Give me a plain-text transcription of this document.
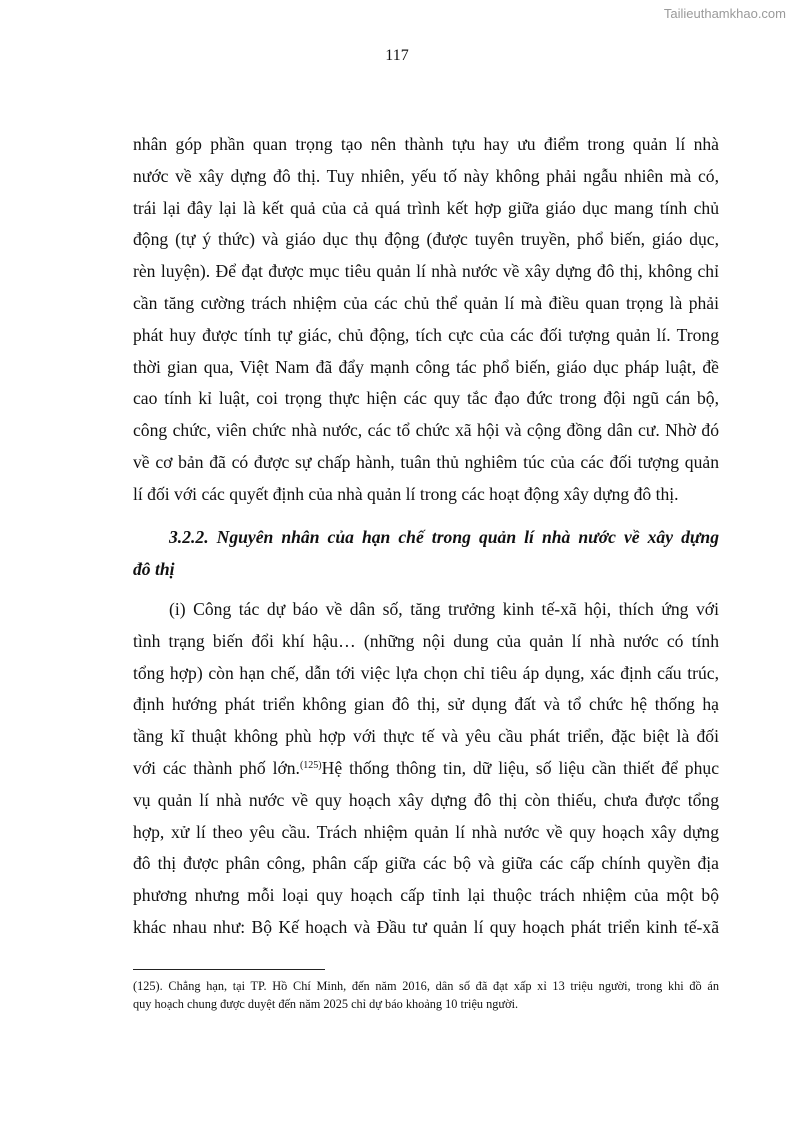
Tailieuthamkhao.com
117
nhân góp phần quan trọng tạo nên thành tựu hay ưu điểm trong quản lí nhà
nước về xây dựng đô thị. Tuy nhiên, yếu tố này không phải ngẫu nhiên mà có,
trái lại đây lại là kết quả của cả quá trình kết hợp giữa giáo dục mang tính chủ
động (tự ý thức) và giáo dục thụ động (được tuyên truyền, phổ biến, giáo dục,
rèn luyện). Để đạt được mục tiêu quản lí nhà nước về xây dựng đô thị, không chỉ
cần tăng cường trách nhiệm của các chủ thể quản lí mà điều quan trọng là phải
phát huy được tính tự giác, chủ động, tích cực của các đối tượng quản lí. Trong
thời gian qua, Việt Nam đã đẩy mạnh công tác phổ biến, giáo dục pháp luật, đề
cao tính kỉ luật, coi trọng thực hiện các quy tắc đạo đức trong đội ngũ cán bộ,
công chức, viên chức nhà nước, các tổ chức xã hội và cộng đồng dân cư. Nhờ đó
về cơ bản đã có được sự chấp hành, tuân thủ nghiêm túc của các đối tượng quản
lí đối với các quyết định của nhà quản lí trong các hoạt động xây dựng đô thị.
3.2.2. Nguyên nhân của hạn chế trong quản lí nhà nước về xây dựng
đô thị
(i) Công tác dự báo về dân số, tăng trưởng kinh tế-xã hội, thích ứng với
tình trạng biến đổi khí hậu… (những nội dung của quản lí nhà nước có tính
tổng hợp) còn hạn chế, dẫn tới việc lựa chọn chỉ tiêu áp dụng, xác định cấu trúc,
định hướng phát triển không gian đô thị, sử dụng đất và tổ chức hệ thống hạ
tầng kĩ thuật không phù hợp với thực tế và yêu cầu phát triển, đặc biệt là đối
với các thành phố lớn.$^{(125)}$Hệ thống thông tin, dữ liệu, số liệu cần thiết để phục
vụ quản lí nhà nước về quy hoạch xây dựng đô thị còn thiếu, chưa được tổng
hợp, xử lí theo yêu cầu. Trách nhiệm quản lí nhà nước về quy hoạch xây dựng
đô thị được phân công, phân cấp giữa các bộ và giữa các cấp chính quyền địa
phương nhưng mỗi loại quy hoạch cấp tỉnh lại thuộc trách nhiệm của một bộ
khác nhau như: Bộ Kế hoạch và Đầu tư quản lí quy hoạch phát triển kinh tế-xã
(125). Chẳng hạn, tại TP. Hồ Chí Minh, đến năm 2016, dân số đã đạt xấp xỉ 13 triệu người, trong khi đồ án
quy hoạch chung được duyệt đến năm 2025 chỉ dự báo khoảng 10 triệu người.
